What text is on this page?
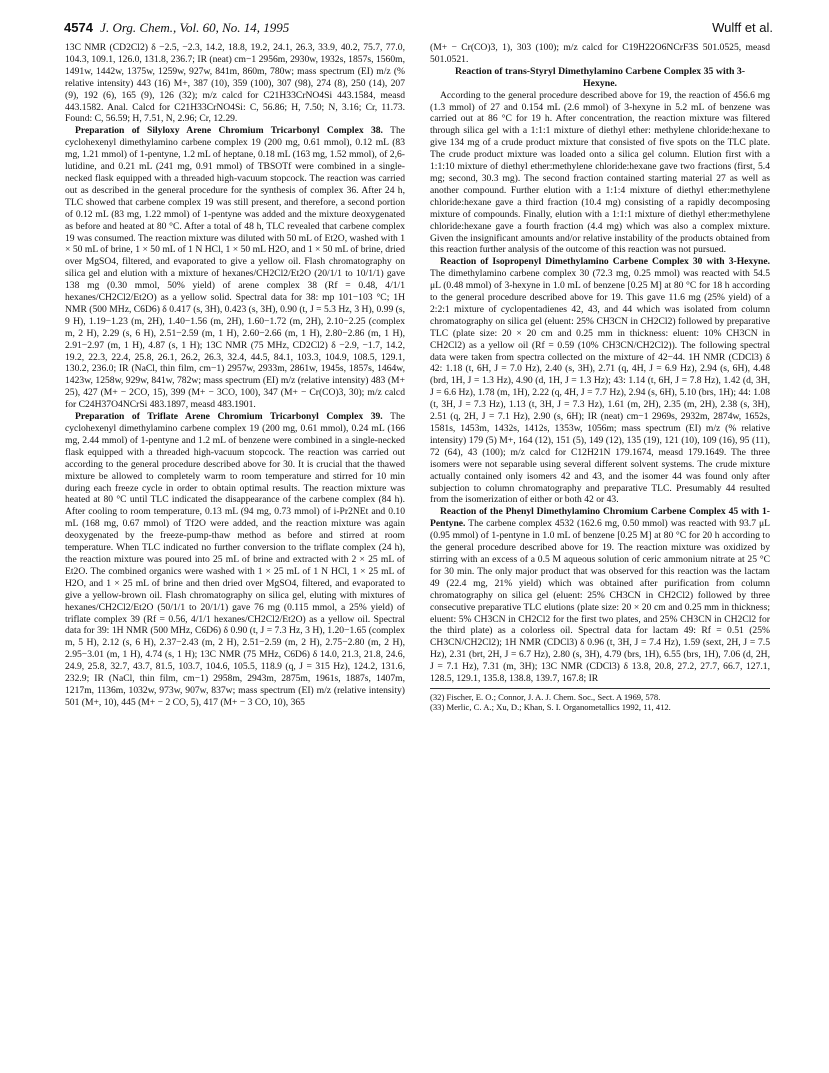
4574 J. Org. Chem., Vol. 60, No. 14, 1995	Wulff et al.

13C NMR (CD2Cl2) δ −2.5, −2.3, 14.2, 18.8, 19.2, 24.1, 26.3, 33.9, 40.2, 75.7, 77.0, 104.3, 109.1, 126.0, 131.8, 236.7; IR (neat) cm−1 2956m, 2930w, 1932s, 1857s, 1560m, 1491w, 1442w, 1375w, 1259w, 927w, 841m, 860m, 780w; mass spectrum (EI) m/z (% relative intensity) 443 (16) M+, 387 (10), 359 (100), 307 (98), 274 (8), 250 (14), 207 (9), 192 (6), 165 (9), 126 (32); m/z calcd for C21H33CrNO4Si 443.1584, measd 443.1582. Anal. Calcd for C21H33CrNO4Si: C, 56.86; H, 7.50; N, 3.16; Cr, 11.73. Found: C, 56.59; H, 7.51, N, 2.96; Cr, 12.29.

Preparation of Silyloxy Arene Chromium Tricarbonyl Complex 38. The cyclohexenyl dimethylamino carbene complex 19 (200 mg, 0.61 mmol), 0.12 mL (83 mg, 1.21 mmol) of 1-pentyne, 1.2 mL of heptane, 0.18 mL (163 mg, 1.52 mmol), of 2,6-lutidine, and 0.21 mL (241 mg, 0.91 mmol) of TBSOTf were combined in a single-necked flask equipped with a threaded high-vacuum stopcock. The reaction was carried out as described in the general procedure for the synthesis of complex 36. After 24 h, TLC showed that carbene complex 19 was still present, and therefore, a second portion of 0.12 mL (83 mg, 1.22 mmol) of 1-pentyne was added and the mixture deoxygenated as before and heated at 80 °C. After a total of 48 h, TLC revealed that carbene complex 19 was consumed. The reaction mixture was diluted with 50 mL of Et2O, washed with 1 × 50 mL of brine, 1 × 50 mL of 1 N HCl, 1 × 50 mL H2O, and 1 × 50 mL of brine, dried over MgSO4, filtered, and evaporated to give a yellow oil. Flash chromatography on silica gel and elution with a mixture of hexanes/CH2Cl2/Et2O (20/1/1 to 10/1/1) gave 138 mg (0.30 mmol, 50% yield) of arene complex 38 (Rf = 0.48, 4/1/1 hexanes/CH2Cl2/Et2O) as a yellow solid. Spectral data for 38: mp 101−103 °C; 1H NMR (500 MHz, C6D6) δ 0.417 (s, 3H), 0.423 (s, 3H), 0.90 (t, J = 5.3 Hz, 3 H), 0.99 (s, 9 H), 1.19−1.23 (m, 2H), 1.40−1.56 (m, 2H), 1.60−1.72 (m, 2H), 2.10−2.25 (complex m, 2 H), 2.29 (s, 6 H), 2.51−2.59 (m, 1 H), 2.60−2.66 (m, 1 H), 2.80−2.86 (m, 1 H), 2.91−2.97 (m, 1 H), 4.87 (s, 1 H); 13C NMR (75 MHz, CD2Cl2) δ −2.9, −1.7, 14.2, 19.2, 22.3, 22.4, 25.8, 26.1, 26.2, 26.3, 32.4, 44.5, 84.1, 103.3, 104.9, 108.5, 129.1, 130.2, 236.0; IR (NaCl, thin film, cm−1) 2957w, 2933m, 2861w, 1945s, 1857s, 1464w, 1423w, 1258w, 929w, 841w, 782w; mass spectrum (EI) m/z (relative intensity) 483 (M+ 25), 427 (M+ − 2CO, 15), 399 (M+ − 3CO, 100), 347 (M+ − Cr(CO)3, 30); m/z calcd for C24H37O4NCrSi 483.1897, measd 483.1901.

Preparation of Triflate Arene Chromium Tricarbonyl Complex 39. The cyclohexenyl dimethylamino carbene complex 19 (200 mg, 0.61 mmol), 0.24 mL (166 mg, 2.44 mmol) of 1-pentyne and 1.2 mL of benzene were combined in a single-necked flask equipped with a threaded high-vacuum stopcock. The reaction was carried out according to the general procedure described above for 30. It is crucial that the thawed mixture be allowed to completely warm to room temperature and stirred for 10 min during each freeze cycle in order to obtain optimal results. The reaction mixture was heated at 80 °C until TLC indicated the disappearance of the carbene complex (84 h). After cooling to room temperature, 0.13 mL (94 mg, 0.73 mmol) of i-Pr2NEt and 0.10 mL (168 mg, 0.67 mmol) of Tf2O were added, and the reaction mixture was again deoxygenated by the freeze-pump-thaw method as before and stirred at room temperature. When TLC indicated no further conversion to the triflate complex (24 h), the reaction mixture was poured into 25 mL of brine and extracted with 2 × 25 mL of Et2O. The combined organics were washed with 1 × 25 mL of 1 N HCl, 1 × 25 mL of H2O, and 1 × 25 mL of brine and then dried over MgSO4, filtered, and evaporated to give a yellow-brown oil. Flash chromatography on silica gel, eluting with mixtures of hexanes/CH2Cl2/Et2O (50/1/1 to 20/1/1) gave 76 mg (0.115 mmol, a 25% yield) of triflate complex 39 (Rf = 0.56, 4/1/1 hexanes/CH2Cl2/Et2O) as a yellow oil. Spectral data for 39: 1H NMR (500 MHz, C6D6) δ 0.90 (t, J = 7.3 Hz, 3 H), 1.20−1.65 (complex m, 5 H), 2.12 (s, 6 H), 2.37−2.43 (m, 2 H), 2.51−2.59 (m, 2 H), 2.75−2.80 (m, 2 H), 2.95−3.01 (m, 1 H), 4.74 (s, 1 H); 13C NMR (75 MHz, C6D6) δ 14.0, 21.3, 21.8, 24.6, 24.9, 25.8, 32.7, 43.7, 81.5, 103.7, 104.6, 105.5, 118.9 (q, J = 315 Hz), 124.2, 131.6, 232.9; IR (NaCl, thin film, cm−1) 2958m, 2943m, 2875m, 1961s, 1887s, 1407m, 1217m, 1136m, 1032w, 973w, 907w, 837w; mass spectrum (EI) m/z (relative intensity) 501 (M+, 10), 445 (M+ − 2 CO, 5), 417 (M+ − 3 CO, 10), 365

(M+ − Cr(CO)3, 1), 303 (100); m/z calcd for C19H22O6NCrF3S 501.0525, measd 501.0521.

Reaction of trans-Styryl Dimethylamino Carbene Complex 35 with 3-Hexyne.

According to the general procedure described above for 19, the reaction of 456.6 mg (1.3 mmol) of 27 and 0.154 mL (2.6 mmol) of 3-hexyne in 5.2 mL of benzene was carried out at 86 °C for 19 h. After concentration, the reaction mixture was filtered through silica gel with a 1:1:1 mixture of diethyl ether: methylene chloride:hexane to give 134 mg of a crude product mixture that consisted of five spots on the TLC plate. The crude product mixture was loaded onto a silica gel column. Elution first with a 1:1:10 mixture of diethyl ether:methylene chloride:hexane gave two fractions (first, 5.4 mg; second, 30.3 mg). The second fraction contained starting material 27 as well as another compound. Further elution with a 1:1:4 mixture of diethyl ether:methylene chloride:hexane gave a third fraction (10.4 mg) consisting of a rapidly decomposing mixture of compounds. Finally, elution with a 1:1:1 mixture of diethyl ether:methylene chloride:hexane gave a fourth fraction (4.4 mg) which was also a complex mixture. Given the insignificant amounts and/or relative instability of the products obtained from this reaction further analysis of the outcome of this reaction was not pursued.

Reaction of Isopropenyl Dimethylamino Carbene Complex 30 with 3-Hexyne. The dimethylamino carbene complex 30 (72.3 mg, 0.25 mmol) was reacted with 54.5 μL (0.48 mmol) of 3-hexyne in 1.0 mL of benzene [0.25 M] at 80 °C for 18 h according to the general procedure described above for 19. This gave 11.6 mg (25% yield) of a 2:2:1 mixture of cyclopentadienes 42, 43, and 44 which was isolated from column chromatography on silica gel (eluent: 25% CH3CN in CH2Cl2) followed by preparative TLC (plate size: 20 × 20 cm and 0.25 mm in thickness: eluent: 10% CH3CN in CH2Cl2) as a yellow oil (Rf = 0.59 (10% CH3CN/CH2Cl2)). The following spectral data were taken from spectra collected on the mixture of 42−44. 1H NMR (CDCl3) δ 42: 1.18 (t, 6H, J = 7.0 Hz), 2.40 (s, 3H), 2.71 (q, 4H, J = 6.9 Hz), 2.94 (s, 6H), 4.48 (brd, 1H, J = 1.3 Hz), 4.90 (d, 1H, J = 1.3 Hz); 43: 1.14 (t, 6H, J = 7.8 Hz), 1.42 (d, 3H, J = 6.6 Hz), 1.78 (m, 1H), 2.22 (q, 4H, J = 7.7 Hz), 2.94 (s, 6H), 5.10 (brs, 1H); 44: 1.08 (t, 3H, J = 7.3 Hz), 1.13 (t, 3H, J = 7.3 Hz), 1.61 (m, 2H), 2.35 (m, 2H), 2.38 (s, 3H), 2.51 (q, 2H, J = 7.1 Hz), 2.90 (s, 6H); IR (neat) cm−1 2969s, 2932m, 2874w, 1652s, 1581s, 1453m, 1432s, 1412s, 1353w, 1056m; mass spectrum (EI) m/z (% relative intensity) 179 (5) M+, 164 (12), 151 (5), 149 (12), 135 (19), 121 (10), 109 (16), 95 (11), 72 (64), 43 (100); m/z calcd for C12H21N 179.1674, measd 179.1649. The three isomers were not separable using several different solvent systems. The crude mixture actually contained only isomers 42 and 43, and the isomer 44 was found only after subjection to column chromatography and preparative TLC. Presumably 44 resulted from the isomerization of either or both 42 or 43.

Reaction of the Phenyl Dimethylamino Chromium Carbene Complex 45 with 1-Pentyne. The carbene complex 4532 (162.6 mg, 0.50 mmol) was reacted with 93.7 μL (0.95 mmol) of 1-pentyne in 1.0 mL of benzene [0.25 M] at 80 °C for 20 h according to the general procedure described above for 19. The reaction mixture was oxidized by stirring with an excess of a 0.5 M aqueous solution of ceric ammonium nitrate at 25 °C for 30 min. The only major product that was observed for this reaction was the lactam 49 (22.4 mg, 21% yield) which was obtained after purification from column chromatography on silica gel (eluent: 25% CH3CN in CH2Cl2) followed by three consecutive preparative TLC elutions (plate size: 20 × 20 cm and 0.25 mm in thickness; eluent: 5% CH3CN in CH2Cl2 for the first two plates, and 25% CH3CN in CH2Cl2 for the third plate) as a colorless oil. Spectral data for lactam 49: Rf = 0.51 (25% CH3CN/CH2Cl2); 1H NMR (CDCl3) δ 0.96 (t, 3H, J = 7.4 Hz), 1.59 (sext, 2H, J = 7.5 Hz), 2.31 (brt, 2H, J = 6.7 Hz), 2.80 (s, 3H), 4.79 (brs, 1H), 6.55 (brs, 1H), 7.06 (d, 2H, J = 7.1 Hz), 7.31 (m, 3H); 13C NMR (CDCl3) δ 13.8, 20.8, 27.2, 27.7, 66.7, 127.1, 128.5, 129.1, 135.8, 138.8, 139.7, 167.8; IR

(32) Fischer, E. O.; Connor, J. A. J. Chem. Soc., Sect. A 1969, 578.
(33) Merlic, C. A.; Xu, D.; Khan, S. I. Organometallics 1992, 11, 412.
